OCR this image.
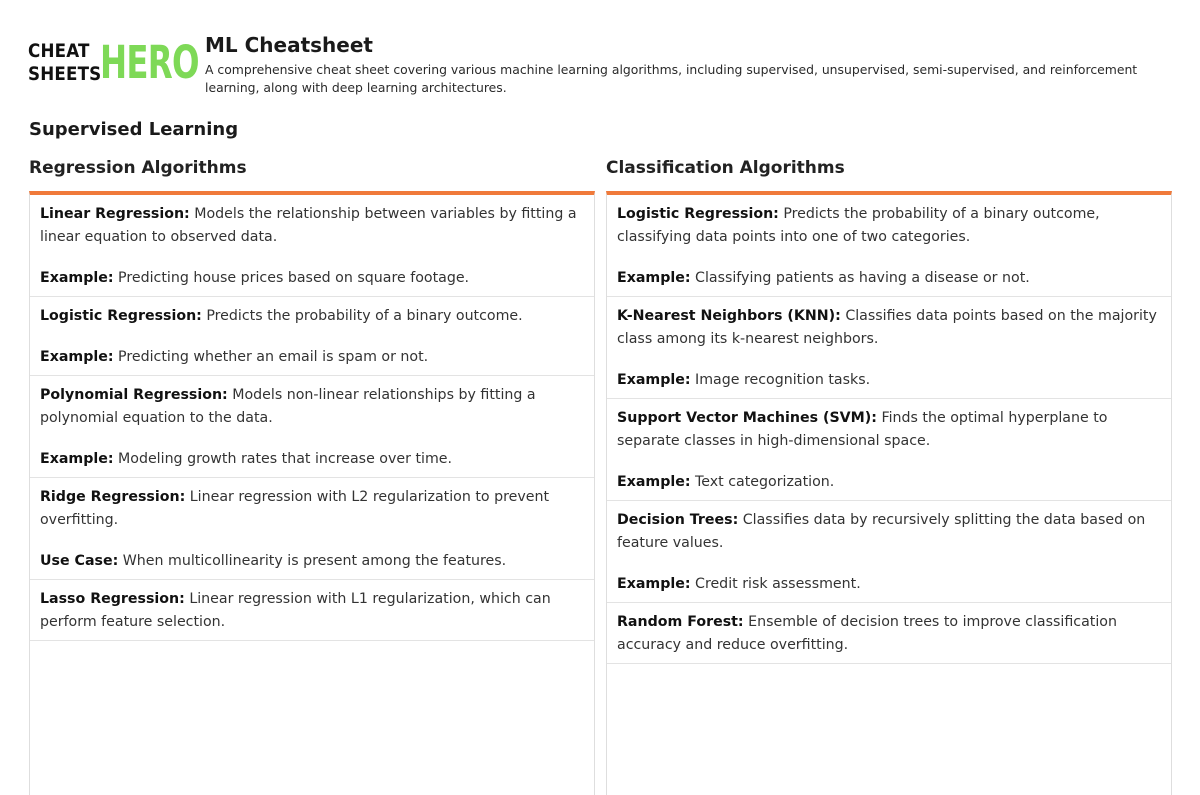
CHEAT
SHEETS
HERO ML Cheatsheet

A comprehensive cheat sheet covering various machine learning algorithms, including supervised, unsupervised, semi-supervised, and reinforcement learning, along with deep learning architectures.

Supervised Learning
Regression Algorithms

Linear Regression: Models the relationship between variables by fitting a linear equation to observed data.

Example: Predicting house prices based on square footage.

Logistic Regression: Predicts the probability of a binary outcome.

Example: Predicting whether an email is spam or not.

Polynomial Regression: Models non-linear relationships by fitting a polynomial equation to the data.

Example: Modeling growth rates that increase over time.

Ridge Regression: Linear regression with L2 regularization to prevent overfitting.

Use Case: When multicollinearity is present among the features.

Lasso Regression: Linear regression with L1 regularization, which can perform feature selection.

Classification Algorithms

Logistic Regression: Predicts the probability of a binary outcome, classifying data points into one of two categories.

Example: Classifying patients as having a disease or not.

K-Nearest Neighbors (KNN): Classifies data points based on the majority class among its k-nearest neighbors.

Example: Image recognition tasks.

Support Vector Machines (SVM): Finds the optimal hyperplane to separate classes in high-dimensional space.

Example: Text categorization.

Decision Trees: Classifies data by recursively splitting the data based on feature values.

Example: Credit risk assessment.

Random Forest: Ensemble of decision trees to improve classification accuracy and reduce overfitting.
